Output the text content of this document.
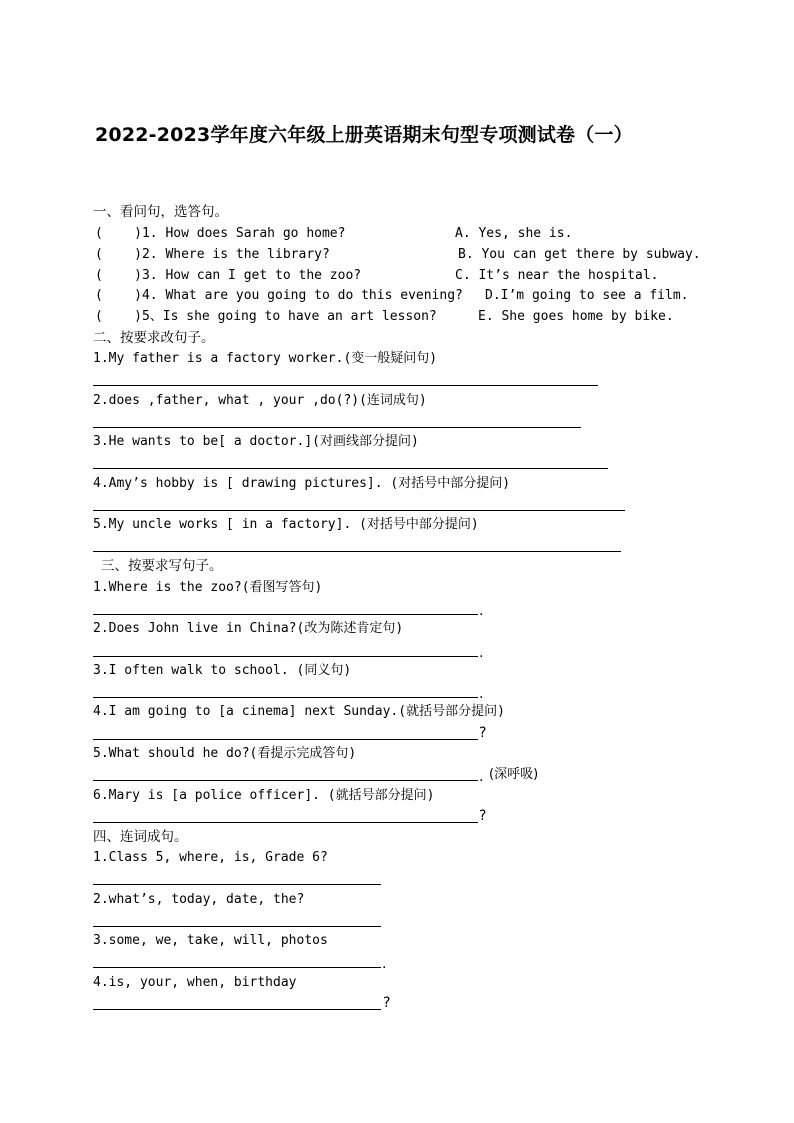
2022-2023学年度六年级上册英语期末句型专项测试卷（一）
一、看问句，选答句。
(    )1. How does Sarah go home?
(    )2. Where is the library?
(    )3. How can I get to the zoo?
(    )4. What are you going to do this evening?
(    )5、Is she going to have an art lesson?
A. Yes, she is.
B. You can get there by subway.
C. It’s near the hospital.
D.I’m going to see a film.
E. She goes home by bike.
二、按要求改句子。
1.My father is a factory worker.(变一般疑问句)
2.does ,father, what , your ,do(?)(连词成句)
3.He wants to be[ a doctor.](对画线部分提问)
4.Amy’s hobby is [ drawing pictures]. (对括号中部分提问)
5.My uncle works [ in a factory]. (对括号中部分提问)
三、按要求写句子。
1.Where is the zoo?(看图写答句)
.
2.Does John live in China?(改为陈述肯定句)
.
3.I often walk to school. (同义句)
.
4.I am going to [a cinema] next Sunday.(就括号部分提问)
?
5.What should he do?(看提示完成答句)
. (深呼吸)
6.Mary is [a police officer]. (就括号部分提问)
?
四、连词成句。
1.Class 5, where, is, Grade 6?
2.what’s, today, date, the?
3.some, we, take, will, photos
.
4.is, your, when, birthday
?
